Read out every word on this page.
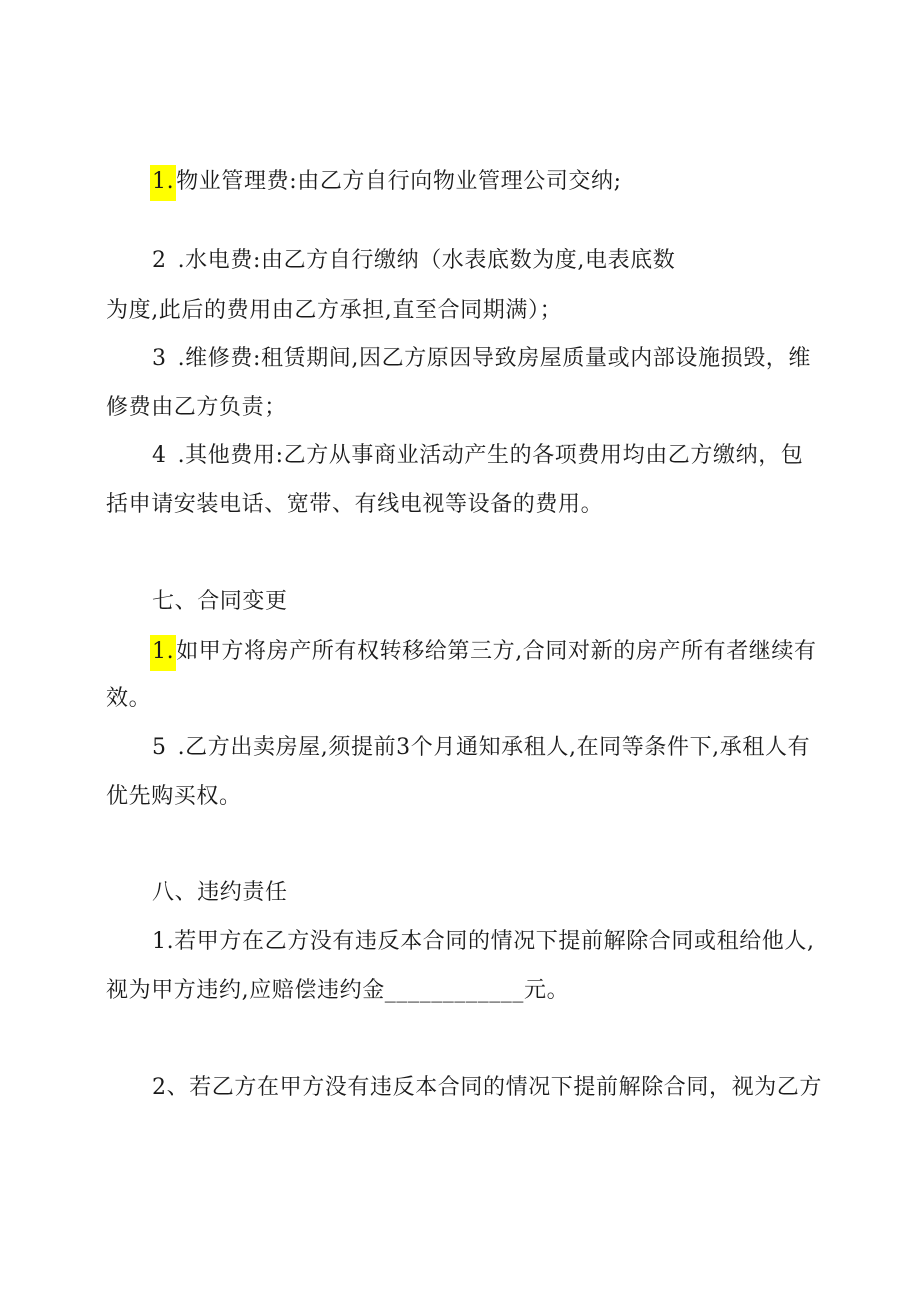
1.物业管理费:由乙方自行向物业管理公司交纳;
2 .水电费:由乙方自行缴纳（水表底数为度,电表底数
为度,此后的费用由乙方承担,直至合同期满）；
3 .维修费:租赁期间,因乙方原因导致房屋质量或内部设施损毁，维
修费由乙方负责；
4 .其他费用:乙方从事商业活动产生的各项费用均由乙方缴纳，包
括申请安装电话、宽带、有线电视等设备的费用。
七、合同变更
1.如甲方将房产所有权转移给第三方,合同对新的房产所有者继续有
效。
5 .乙方出卖房屋,须提前3个月通知承租人,在同等条件下,承租人有
优先购买权。
八、违约责任
1.若甲方在乙方没有违反本合同的情况下提前解除合同或租给他人,
视为甲方违约,应赔偿违约金____________元。
2、若乙方在甲方没有违反本合同的情况下提前解除合同，视为乙方
